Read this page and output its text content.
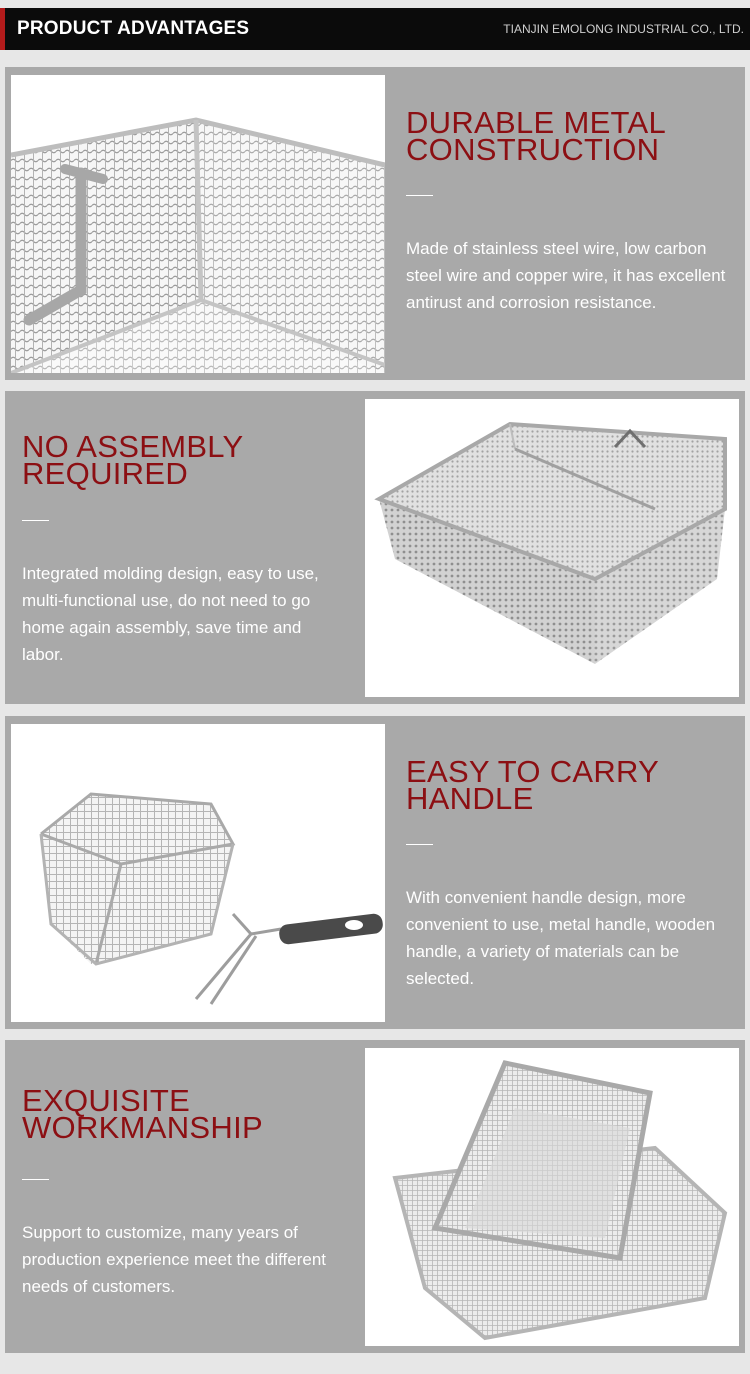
PRODUCT ADVANTAGES	TIANJIN EMOLONG INDUSTRIAL CO., LTD.
DURABLE METAL
CONSTRUCTION

Made of stainless steel wire, low carbon steel wire and copper wire, it has excellent antirust and corrosion resistance.

NO ASSEMBLY
REQUIRED

Integrated molding design, easy to use, multi-functional use, do not need to go home again assembly, save time and labor.

EASY TO CARRY
HANDLE

With convenient handle design, more convenient to use, metal handle, wooden handle, a variety of materials can be selected.

EXQUISITE
WORKMANSHIP

Support to customize, many years of production experience meet the different needs of customers.
